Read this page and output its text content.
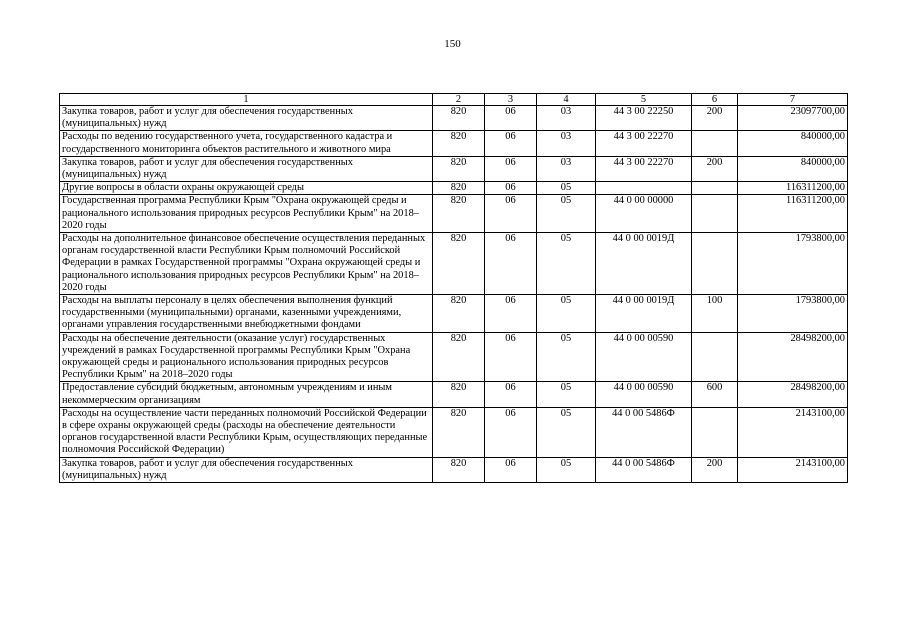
150
1	2	3	4	5	6	7
Закупка товаров, работ и услуг для обеспечения государственных (муниципальных) нужд	820	06	03	44 3 00 22250	200	23097700,00
Расходы по ведению государственного учета, государственного кадастра и государственного мониторинга объектов растительного и животного мира	820	06	03	44 3 00 22270		840000,00
Закупка товаров, работ и услуг для обеспечения государственных (муниципальных) нужд	820	06	03	44 3 00 22270	200	840000,00
Другие вопросы в области охраны окружающей среды	820	06	05			116311200,00
Государственная программа Республики Крым "Охрана окружающей среды и рационального использования природных ресурсов Республики Крым" на 2018–2020 годы	820	06	05	44 0 00 00000		116311200,00
Расходы на дополнительное финансовое обеспечение осуществления переданных органам государственной власти Республики Крым полномочий Российской Федерации в рамках Государственной программы "Охрана окружающей среды и рационального использования природных ресурсов Республики Крым" на 2018–2020 годы	820	06	05	44 0 00 0019Д		1793800,00
Расходы на выплаты персоналу в целях обеспечения выполнения функций государственными (муниципальными) органами, казенными учреждениями, органами управления государственными внебюджетными фондами	820	06	05	44 0 00 0019Д	100	1793800,00
Расходы на обеспечение деятельности (оказание услуг) государственных учреждений в рамках Государственной программы Республики Крым "Охрана окружающей среды и рационального использования природных ресурсов Республики Крым" на 2018–2020 годы	820	06	05	44 0 00 00590		28498200,00
Предоставление субсидий бюджетным, автономным учреждениям и иным некоммерческим организациям	820	06	05	44 0 00 00590	600	28498200,00
Расходы на осуществление части переданных полномочий Российской Федерации в сфере охраны окружающей среды (расходы на обеспечение деятельности органов государственной власти Республики Крым, осуществляющих переданные полномочия Российской Федерации)	820	06	05	44 0 00 5486Ф		2143100,00
Закупка товаров, работ и услуг для обеспечения государственных (муниципальных) нужд	820	06	05	44 0 00 5486Ф	200	2143100,00
